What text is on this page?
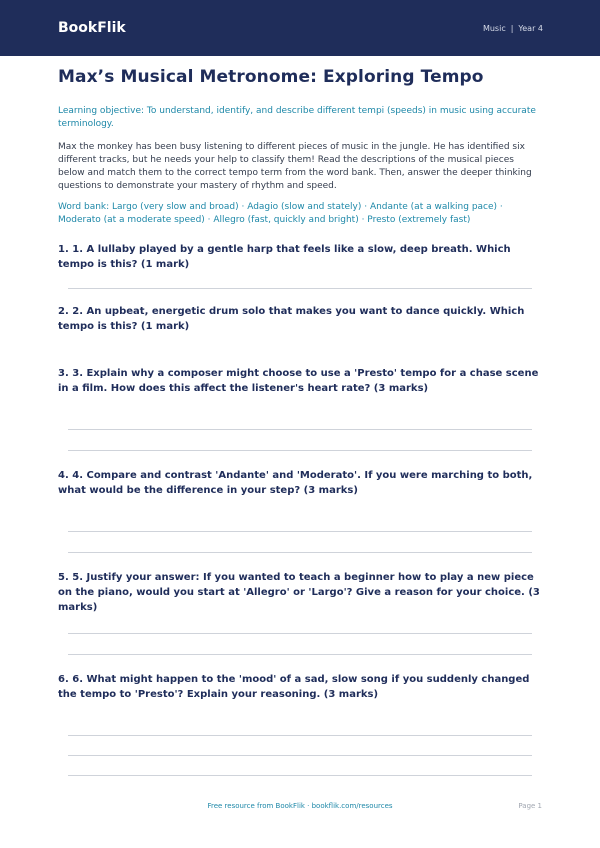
BookFlik	Music | Year 4
Max’s Musical Metronome: Exploring Tempo
Learning objective: To understand, identify, and describe different tempi (speeds) in music using accurate terminology.
Max the monkey has been busy listening to different pieces of music in the jungle. He has identified six different tracks, but he needs your help to classify them! Read the descriptions of the musical pieces below and match them to the correct tempo term from the word bank. Then, answer the deeper thinking questions to demonstrate your mastery of rhythm and speed.
Word bank: Largo (very slow and broad) · Adagio (slow and stately) · Andante (at a walking pace) · Moderato (at a moderate speed) · Allegro (fast, quickly and bright) · Presto (extremely fast)
1. 1. A lullaby played by a gentle harp that feels like a slow, deep breath. Which tempo is this? (1 mark)
2. 2. An upbeat, energetic drum solo that makes you want to dance quickly. Which tempo is this? (1 mark)
3. 3. Explain why a composer might choose to use a 'Presto' tempo for a chase scene in a film. How does this affect the listener's heart rate? (3 marks)
4. 4. Compare and contrast 'Andante' and 'Moderato'. If you were marching to both, what would be the difference in your step? (3 marks)
5. 5. Justify your answer: If you wanted to teach a beginner how to play a new piece on the piano, would you start at 'Allegro' or 'Largo'? Give a reason for your choice. (3 marks)
6. 6. What might happen to the 'mood' of a sad, slow song if you suddenly changed the tempo to 'Presto'? Explain your reasoning. (3 marks)
Free resource from BookFlik · bookflik.com/resources	Page 1
